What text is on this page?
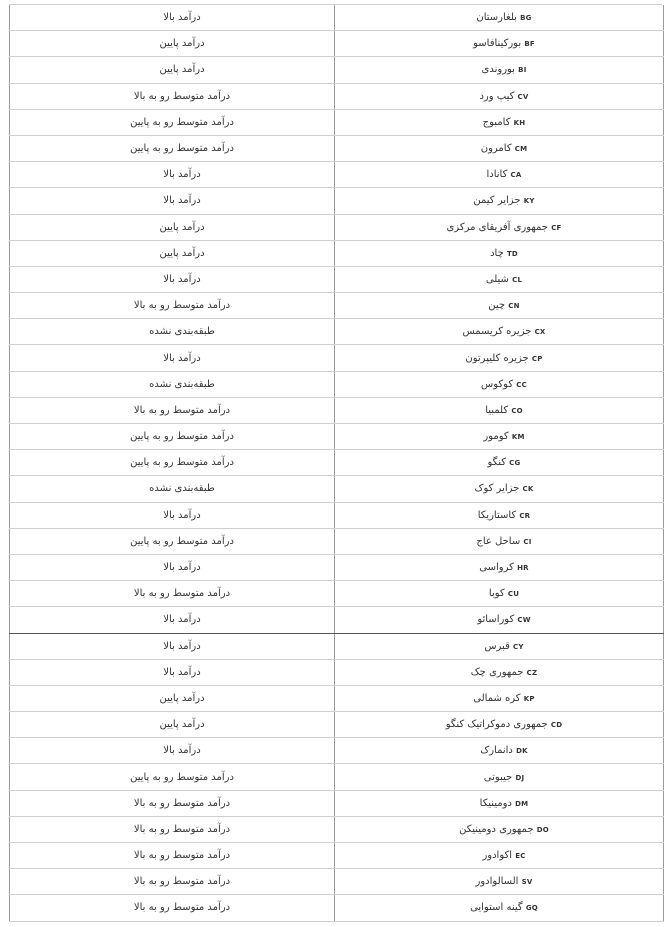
درآمد بالا	BG بلغارستان
درآمد پایین	BF بورکینافاسو
درآمد پایین	BI بوروندی
درآمد متوسط رو به بالا	CV کیپ ورد
درآمد متوسط رو به پایین	KH کامبوج
درآمد متوسط رو به پایین	CM کامرون
درآمد بالا	CA کانادا
درآمد بالا	KY جزایر کیمن
درآمد پایین	CF جمهوری آفریقای مرکزی
درآمد پایین	TD چاد
درآمد بالا	CL شیلی
درآمد متوسط رو به بالا	CN چین
طبقه‌بندی نشده	CX جزیره کریسمس
درآمد بالا	CP جزیره کلیپرتون
طبقه‌بندی نشده	CC کوکوس
درآمد متوسط رو به بالا	CO کلمبیا
درآمد متوسط رو به پایین	KM کومور
درآمد متوسط رو به پایین	CG کنگو
طبقه‌بندی نشده	CK جزایر کوک
درآمد بالا	CR کاستاریکا
درآمد متوسط رو به پایین	CI ساحل عاج
درآمد بالا	HR کرواسی
درآمد متوسط رو به بالا	CU کوبا
درآمد بالا	CW کوراسائو
درآمد بالا	CY قبرس
درآمد بالا	CZ جمهوری چک
درآمد پایین	KP کره شمالی
درآمد پایین	CD جمهوری دموکراتیک کنگو
درآمد بالا	DK دانمارک
درآمد متوسط رو به پایین	DJ جیبوتی
درآمد متوسط رو به بالا	DM دومینیکا
درآمد متوسط رو به بالا	DO جمهوری دومینیکن
درآمد متوسط رو به بالا	EC اکوادور
درآمد متوسط رو به بالا	SV السالوادور
درآمد متوسط رو به بالا	GQ گینه استوایی
